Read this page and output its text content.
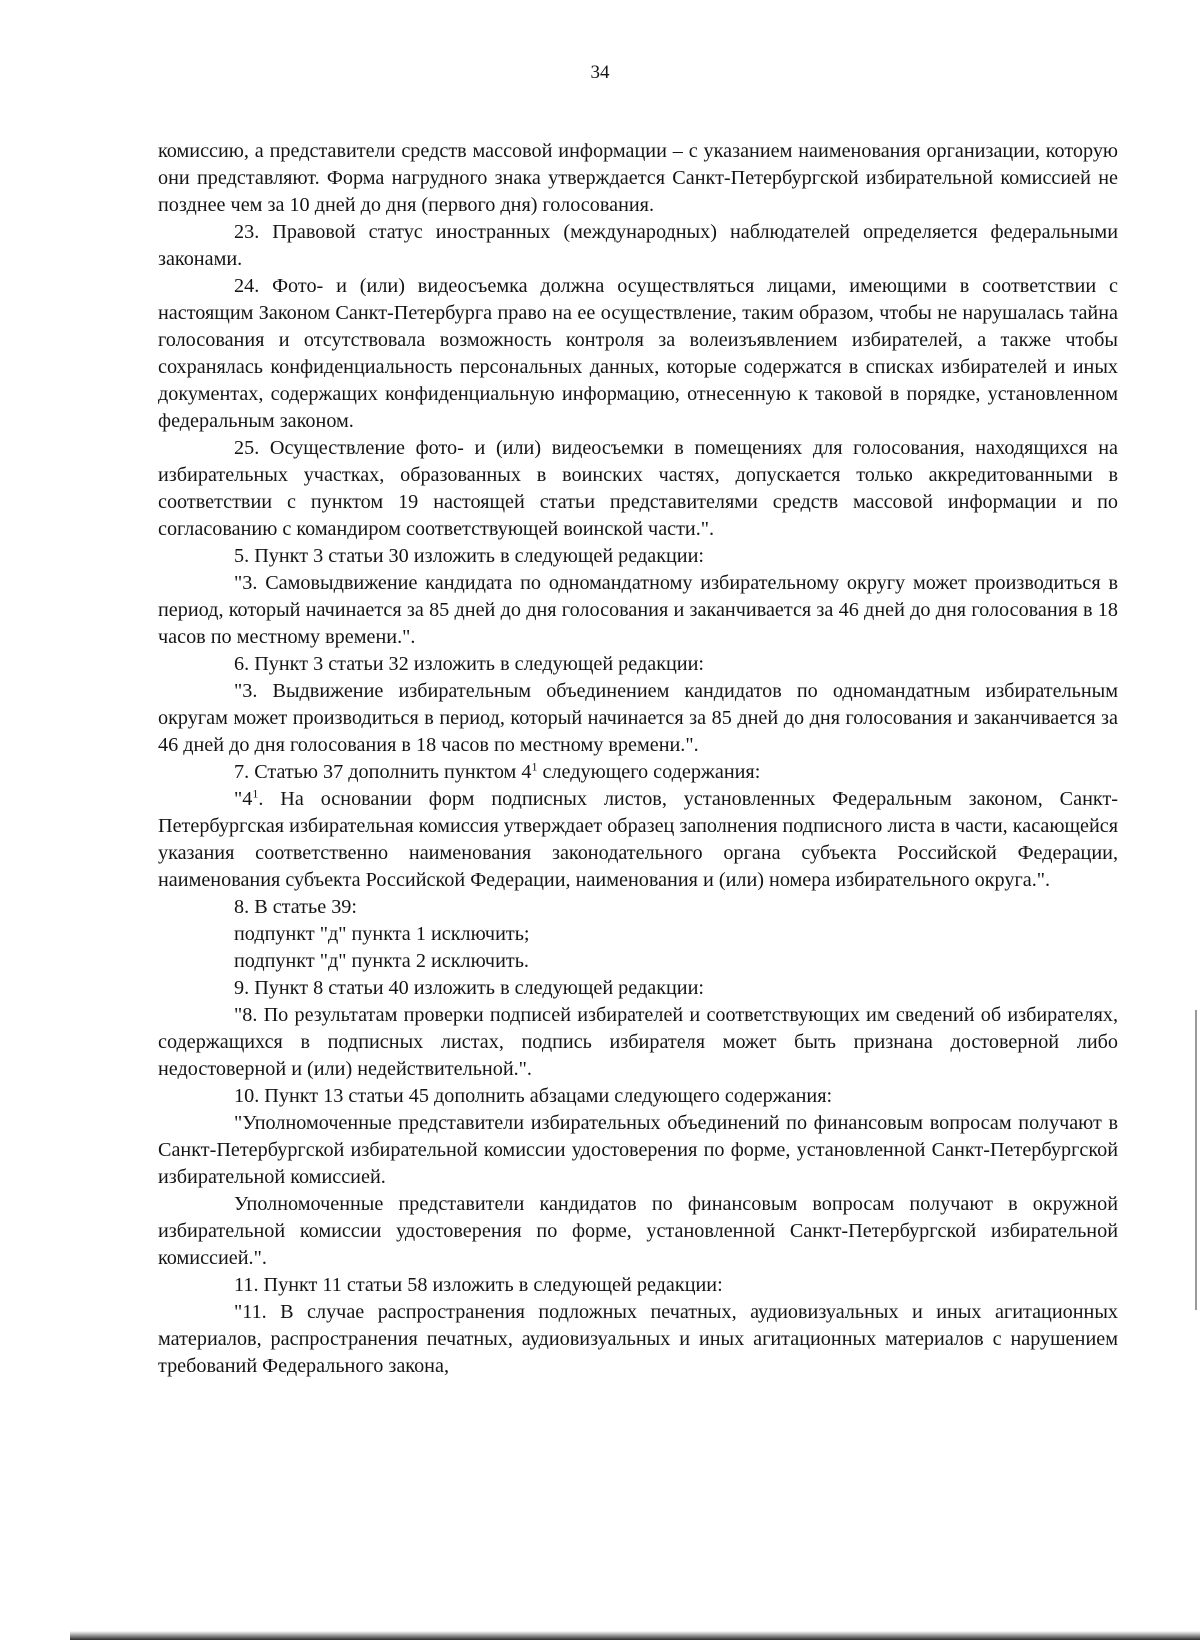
34

комиссию, а представители средств массовой информации – с указанием наименования организации, которую они представляют. Форма нагрудного знака утверждается Санкт-Петербургской избирательной комиссией не позднее чем за 10 дней до дня (первого дня) голосования.

23. Правовой статус иностранных (международных) наблюдателей определяется федеральными законами.

24. Фото- и (или) видеосъемка должна осуществляться лицами, имеющими в соответствии с настоящим Законом Санкт-Петербурга право на ее осуществление, таким образом, чтобы не нарушалась тайна голосования и отсутствовала возможность контроля за волеизъявлением избирателей, а также чтобы сохранялась конфиденциальность персональных данных, которые содержатся в списках избирателей и иных документах, содержащих конфиденциальную информацию, отнесенную к таковой в порядке, установленном федеральным законом.

25. Осуществление фото- и (или) видеосъемки в помещениях для голосования, находящихся на избирательных участках, образованных в воинских частях, допускается только аккредитованными в соответствии с пунктом 19 настоящей статьи представителями средств массовой информации и по согласованию с командиром соответствующей воинской части.".

5. Пункт 3 статьи 30 изложить в следующей редакции:

"3. Самовыдвижение кандидата по одномандатному избирательному округу может производиться в период, который начинается за 85 дней до дня голосования и заканчивается за 46 дней до дня голосования в 18 часов по местному времени.".

6. Пункт 3 статьи 32 изложить в следующей редакции:

"3. Выдвижение избирательным объединением кандидатов по одномандатным избирательным округам может производиться в период, который начинается за 85 дней до дня голосования и заканчивается за 46 дней до дня голосования в 18 часов по местному времени.".

7. Статью 37 дополнить пунктом $4^1$ следующего содержания:

"$4^1$. На основании форм подписных листов, установленных Федеральным законом, Санкт-Петербургская избирательная комиссия утверждает образец заполнения подписного листа в части, касающейся указания соответственно наименования законодательного органа субъекта Российской Федерации, наименования субъекта Российской Федерации, наименования и (или) номера избирательного округа.".

8. В статье 39:

подпункт "д" пункта 1 исключить;

подпункт "д" пункта 2 исключить.

9. Пункт 8 статьи 40 изложить в следующей редакции:

"8. По результатам проверки подписей избирателей и соответствующих им сведений об избирателях, содержащихся в подписных листах, подпись избирателя может быть признана достоверной либо недостоверной и (или) недействительной.".

10. Пункт 13 статьи 45 дополнить абзацами следующего содержания:

"Уполномоченные представители избирательных объединений по финансовым вопросам получают в Санкт-Петербургской избирательной комиссии удостоверения по форме, установленной Санкт-Петербургской избирательной комиссией.

Уполномоченные представители кандидатов по финансовым вопросам получают в окружной избирательной комиссии удостоверения по форме, установленной Санкт-Петербургской избирательной комиссией.".

11. Пункт 11 статьи 58 изложить в следующей редакции:

"11. В случае распространения подложных печатных, аудиовизуальных и иных агитационных материалов, распространения печатных, аудиовизуальных и иных агитационных материалов с нарушением требований Федерального закона,
